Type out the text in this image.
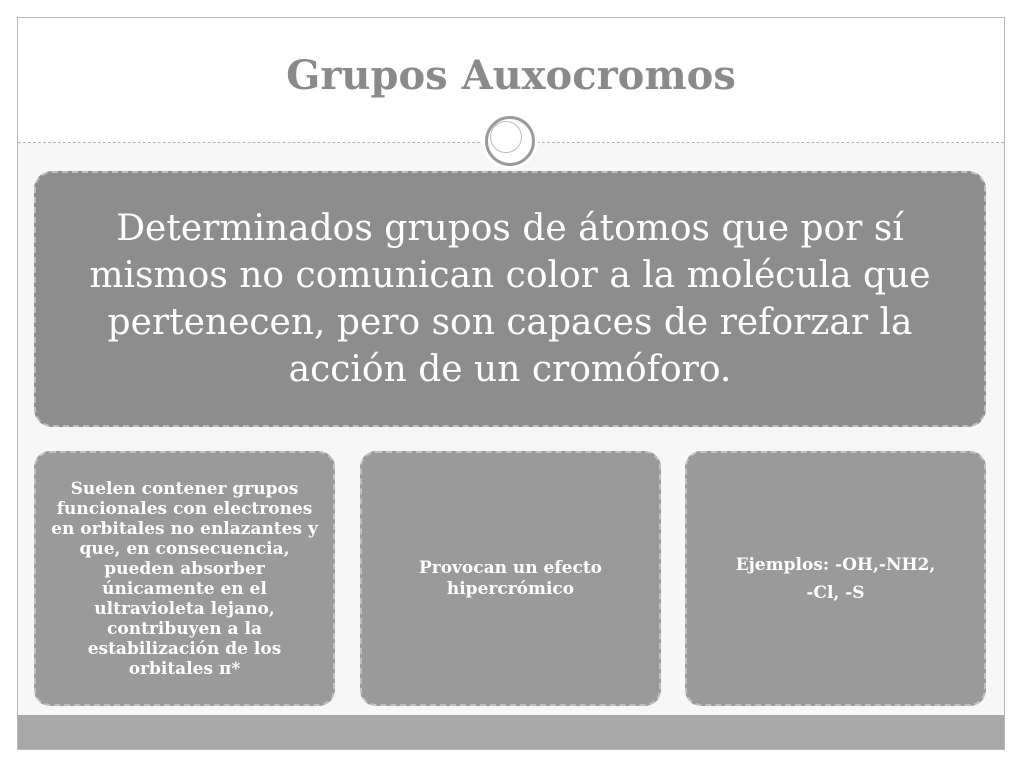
Grupos Auxocromos

Determinados grupos de átomos que por sí mismos no comunican color a la molécula que pertenecen, pero son capaces de reforzar la acción de un cromóforo.

Suelen contener grupos funcionales con electrones en orbitales no enlazantes y que, en consecuencia, pueden absorber únicamente en el ultravioleta lejano, contribuyen a la estabilización de los orbitales π*
Provocan un efecto hipercrómico
Ejemplos: -OH,-NH2,
-Cl, -S
